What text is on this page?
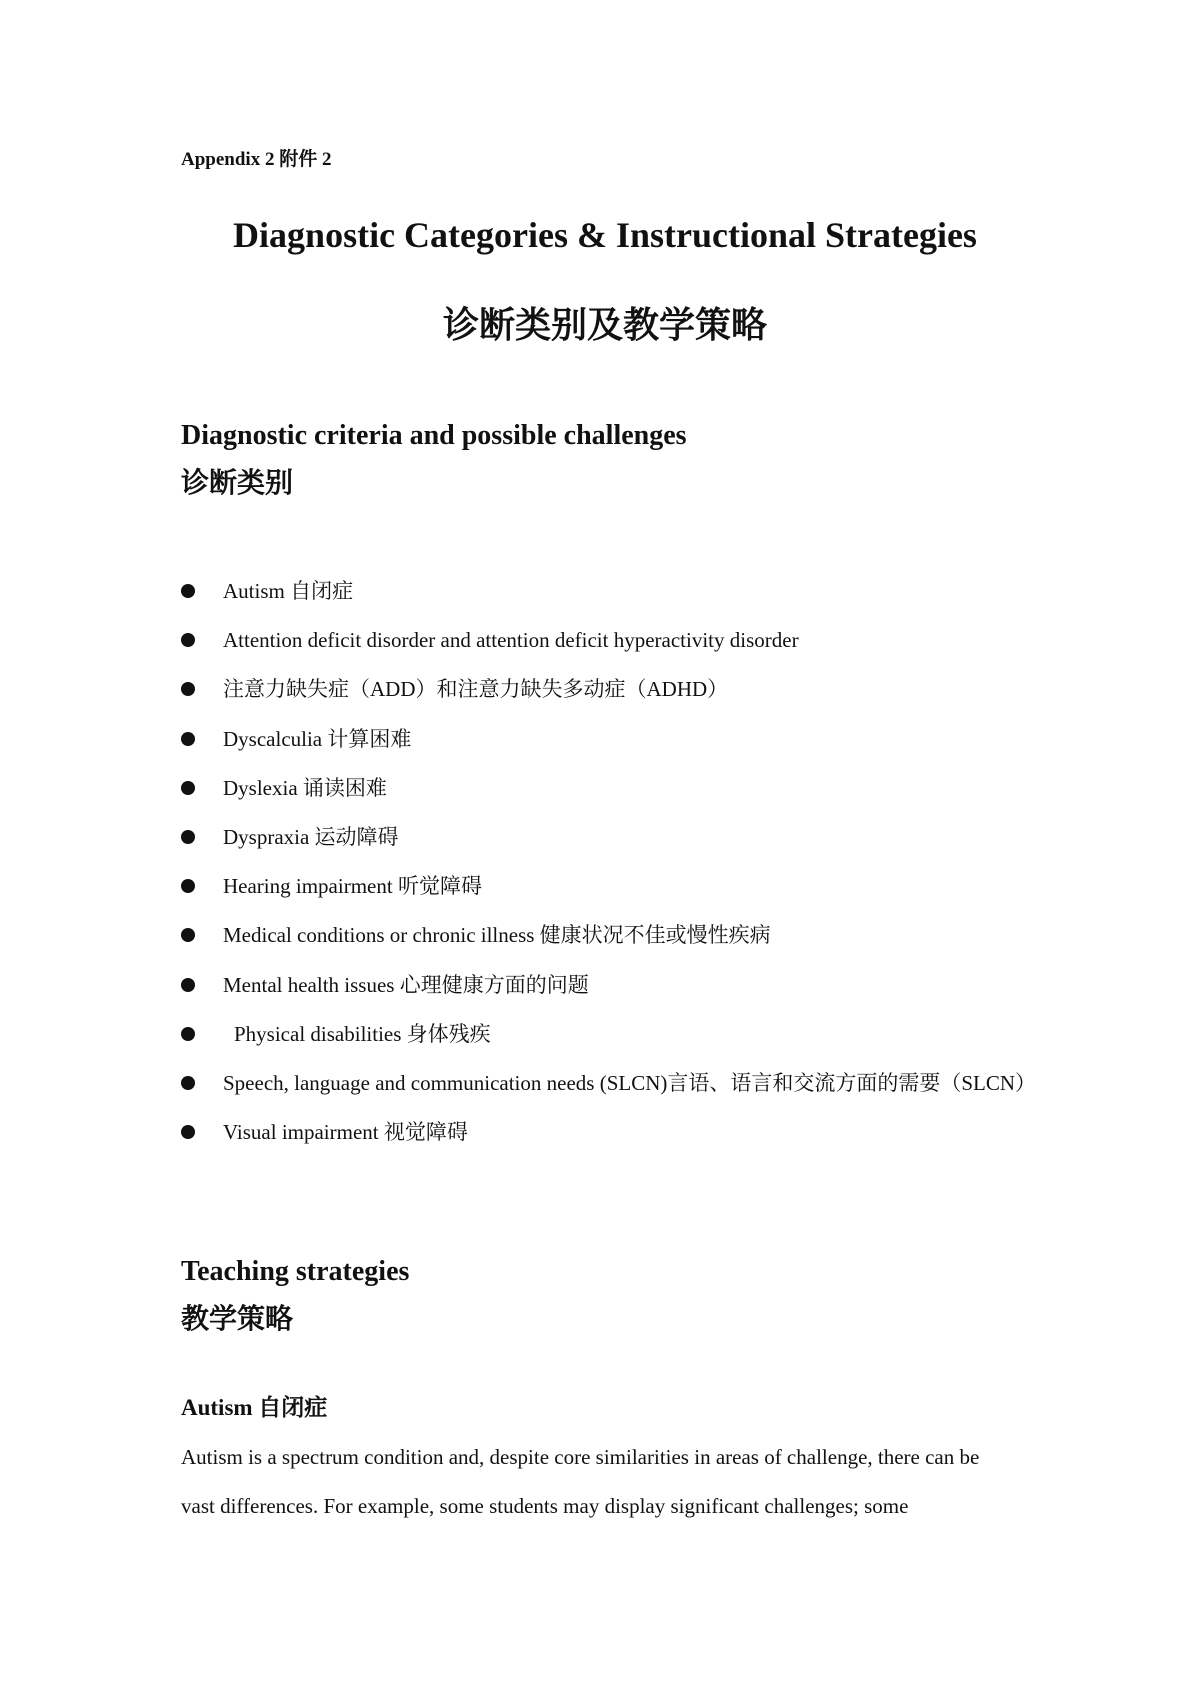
Appendix 2 附件 2
Diagnostic Categories & Instructional Strategies
诊断类别及教学策略
Diagnostic criteria and possible challenges
诊断类别
Autism 自闭症
Attention deficit disorder and attention deficit hyperactivity disorder
注意力缺失症（ADD）和注意力缺失多动症（ADHD）
Dyscalculia 计算困难
Dyslexia 诵读困难
Dyspraxia 运动障碍
Hearing impairment 听觉障碍
Medical conditions or chronic illness 健康状况不佳或慢性疾病
Mental health issues 心理健康方面的问题
Physical disabilities 身体残疾
Speech, language and communication needs (SLCN)言语、语言和交流方面的需要（SLCN）
Visual impairment 视觉障碍
Teaching strategies
教学策略
Autism 自闭症

Autism is a spectrum condition and, despite core similarities in areas of challenge, there can be vast differences. For example, some students may display significant challenges; some
